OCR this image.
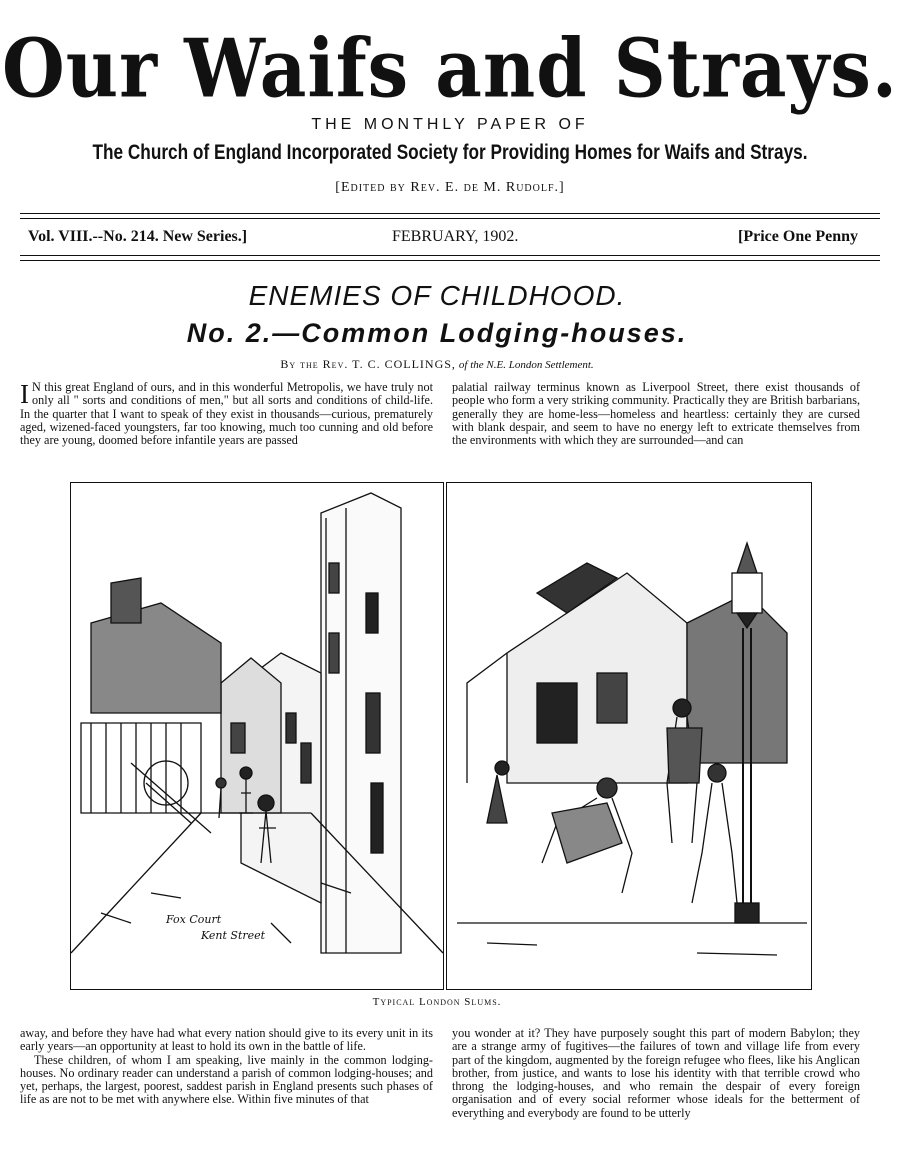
Our Waifs and Strays.
THE MONTHLY PAPER OF
The Church of England Incorporated Society for Providing Homes for Waifs and Strays.
[Edited by Rev. E. de M. Rudolf.]
Vol. VIII.--No. 214. New Series.]	FEBRUARY, 1902.	[Price One Penny
ENEMIES OF CHILDHOOD.
No. 2.—Common Lodging-houses.
By the Rev. T. C. COLLINGS, of the N.E. London Settlement.

I N this great England of ours, and in this wonderful Metropolis, we have truly not only all " sorts and conditions of men," but all sorts and conditions of child-life. In the quarter that I want to speak of they exist in thousands—curious, prematurely aged, wizened-faced youngsters, far too knowing, much too cunning and old before they are young, doomed before infantile years are passed

palatial railway terminus known as Liverpool Street, there exist thousands of people who form a very striking community. Practically they are British barbarians, generally they are home-less—homeless and heartless: certainly they are cursed with blank despair, and seem to have no energy left to extricate themselves from the environments with which they are surrounded—and can

Fox Court
Kent Street
Typical London Slums.

away, and before they have had what every nation should give to its every unit in its early years—an opportunity at least to hold its own in the battle of life.

These children, of whom I am speaking, live mainly in the common lodging-houses. No ordinary reader can understand a parish of common lodging-houses; and yet, perhaps, the largest, poorest, saddest parish in England presents such phases of life as are not to be met with anywhere else. Within five minutes of that

you wonder at it? They have purposely sought this part of modern Babylon; they are a strange army of fugitives—the failures of town and village life from every part of the kingdom, augmented by the foreign refugee who flees, like his Anglican brother, from justice, and wants to lose his identity with that terrible crowd who throng the lodging-houses, and who remain the despair of every foreign organisation and of every social reformer whose ideals for the betterment of everything and everybody are found to be utterly
